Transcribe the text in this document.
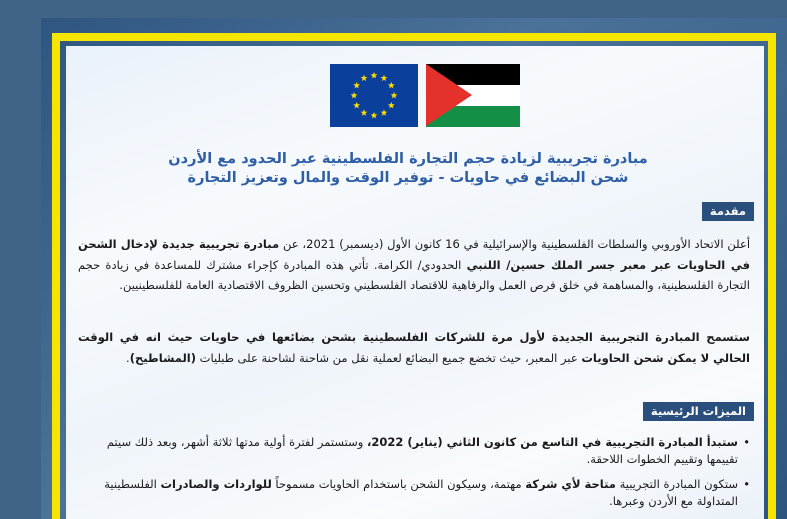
مبادرة تجريبية لزيادة حجم التجارة الفلسطينية عبر الحدود مع الأردن
شحن البضائع في حاويات - توفير الوقت والمال وتعزيز التجارة
مقدمة
أعلن الاتحاد الأوروبي والسلطات الفلسطينية والإسرائيلية في 16 كانون الأول (ديسمبر) 2021، عن مبادرة تجريبية جديدة لإدخال الشحن في الحاويات عبر معبر جسر الملك حسين/ اللنبي الحدودي/ الكرامة. تأتي هذه المبادرة كإجراء مشترك للمساعدة في زيادة حجم التجارة الفلسطينية، والمساهمة في خلق فرص العمل والرفاهية للاقتصاد الفلسطيني وتحسين الظروف الاقتصادية العامة للفلسطينيين.
ستسمح المبادرة التجريبية الجديدة لأول مرة للشركات الفلسطينية بشحن بضائعها في حاويات حيث انه في الوقت الحالي لا يمكن شحن الحاويات عبر المعبر، حيث تخضع جميع البضائع لعملية نقل من شاحنة لشاحنة على طبليات (المشاطيح).
الميزات الرئيسية
• ستبدأ المبادرة التجريبية في التاسع من كانون الثاني (يناير) 2022، وستستمر لفترة أولية مدتها ثلاثة أشهر، وبعد ذلك سيتم تقييمها وتقييم الخطوات اللاحقة.
• ستكون المبادرة التجريبية متاحة لأي شركة مهتمة، وسيكون الشحن باستخدام الحاويات مسموحاً للواردات والصادرات الفلسطينية المتداولة مع الأردن وعبرها.
